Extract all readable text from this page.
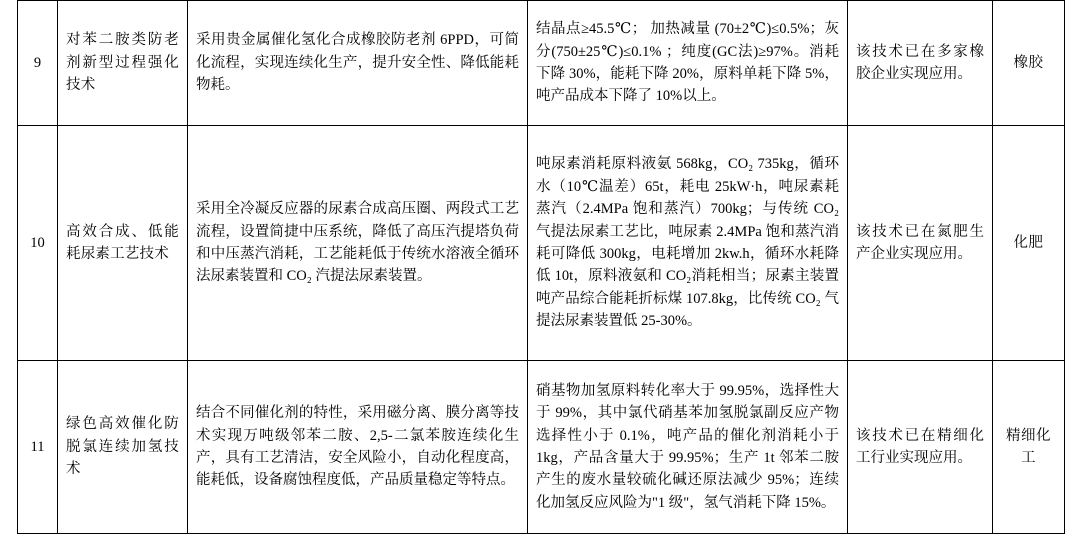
9	对苯二胺类防老剂新型过程强化技术	采用贵金属催化氢化合成橡胶防老剂 6PPD，可简化流程，实现连续化生产，提升安全性、降低能耗物耗。	结晶点≥45.5℃； 加热减量 (70±2℃)≤0.5%；灰分(750±25℃)≤0.1% ；纯度(GC法)≥97%。消耗下降 30%，能耗下降 20%，原料单耗下降 5%，吨产品成本下降了 10%以上。	该技术已在多家橡胶企业实现应用。	橡胶
10	高效合成、低能耗尿素工艺技术	采用全冷凝反应器的尿素合成高压圈、两段式工艺流程，设置简捷中压系统，降低了高压汽提塔负荷和中压蒸汽消耗，工艺能耗低于传统水溶液全循环法尿素装置和 CO₂ 汽提法尿素装置。	吨尿素消耗原料液氨 568kg，CO₂ 735kg，循环水（10℃温差）65t，耗电 25kW·h，吨尿素耗蒸汽（2.4MPa 饱和蒸汽）700kg；与传统 CO₂ 气提法尿素工艺比，吨尿素 2.4MPa 饱和蒸汽消耗可降低 300kg，电耗增加 2kw.h，循环水耗降低 10t，原料液氨和 CO₂消耗相当；尿素主装置吨产品综合能耗折标煤 107.8kg，比传统 CO₂ 气提法尿素装置低 25-30%。	该技术已在氮肥生产企业实现应用。	化肥
11	绿色高效催化防脱氯连续加氢技术	结合不同催化剂的特性，采用磁分离、膜分离等技术实现万吨级邻苯二胺、2,5-二氯苯胺连续化生产，具有工艺清洁，安全风险小，自动化程度高，能耗低，设备腐蚀程度低，产品质量稳定等特点。	硝基物加氢原料转化率大于 99.95%，选择性大于 99%，其中氯代硝基苯加氢脱氯副反应产物选择性小于 0.1%，吨产品的催化剂消耗小于 1kg，产品含量大于 99.95%；生产 1t 邻苯二胺产生的废水量较硫化碱还原法减少 95%；连续化加氢反应风险为"1 级"，氢气消耗下降 15%。	该技术已在精细化工行业实现应用。	精细化工
